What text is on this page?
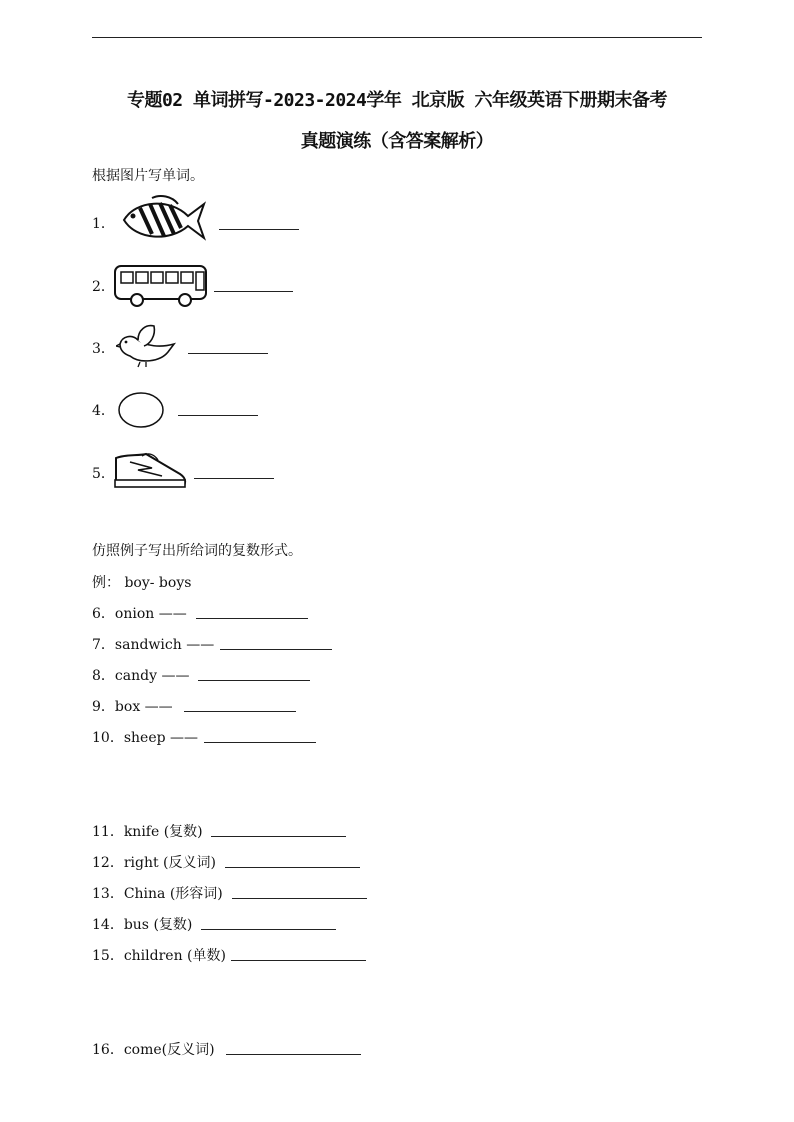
专题02 单词拼写-2023-2024学年 北京版 六年级英语下册期末备考
真题演练（含答案解析）
根据图片写单词。
1．
2．
3．
4．
5．
仿照例子写出所给词的复数形式。
例： boy- boys
6．onion ——
7．sandwich ——
8．candy ——
9．box ——
10．sheep ——
11．knife (复数)
12．right (反义词)
13．China (形容词)
14．bus (复数)
15．children (单数)
16．come(反义词)
